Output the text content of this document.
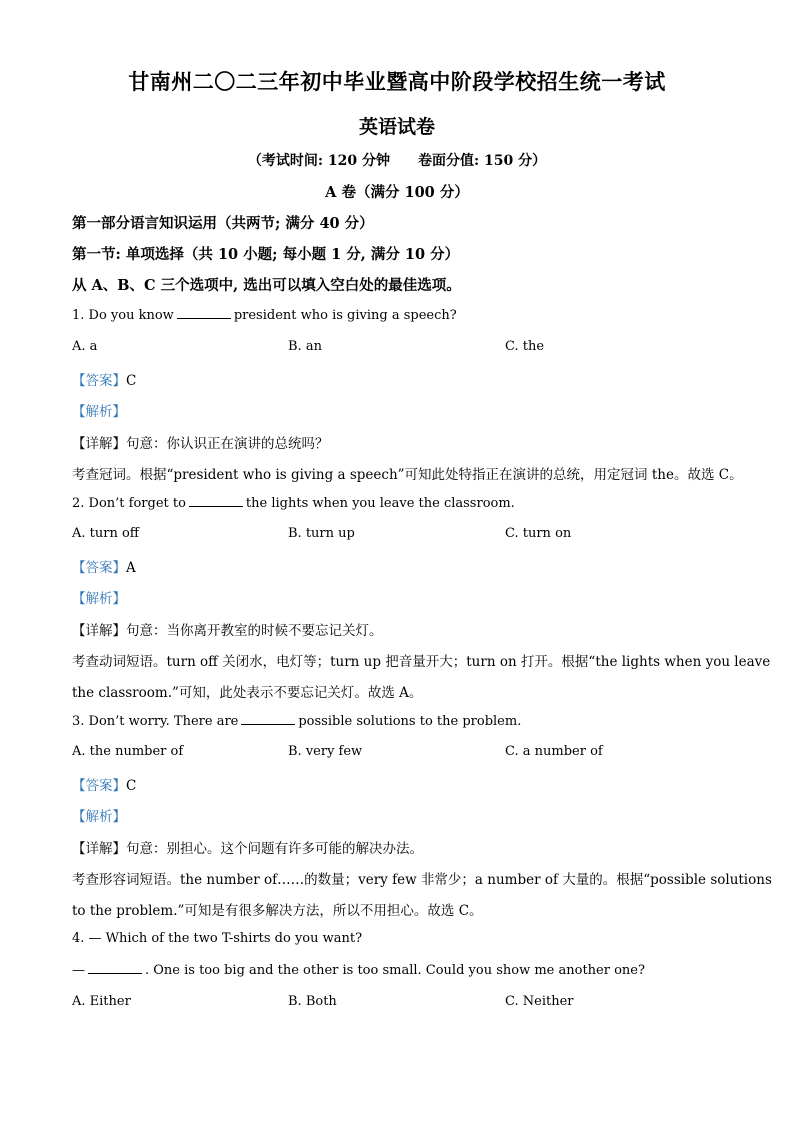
甘南州二〇二三年初中毕业暨高中阶段学校招生统一考试
英语试卷
（考试时间: 120 分钟　　卷面分值: 150 分）
A 卷（满分 100 分）
第一部分语言知识运用（共两节; 满分 40 分）
第一节: 单项选择（共 10 小题; 每小题 1 分, 满分 10 分）
从 A、B、C 三个选项中, 选出可以填入空白处的最佳选项。
1. Do you know	president who is giving a speech?
A. a	B. an	C. the
【答案】C
【解析】
【详解】句意：你认识正在演讲的总统吗？
考查冠词。根据“president who is giving a speech”可知此处特指正在演讲的总统，用定冠词 the。故选 C。
2. Don’t forget to	the lights when you leave the classroom.
A. turn off	B. turn up	C. turn on
【答案】A
【解析】
【详解】句意：当你离开教室的时候不要忘记关灯。
考查动词短语。turn off 关闭水，电灯等；turn up 把音量开大；turn on 打开。根据“the lights when you leave
the classroom.”可知，此处表示不要忘记关灯。故选 A。
3. Don’t worry. There are	possible solutions to the problem.
A. the number of	B. very few	C. a number of
【答案】C
【解析】
【详解】句意：别担心。这个问题有许多可能的解决办法。
考查形容词短语。the number of……的数量；very few 非常少；a number of 大量的。根据“possible solutions
to the problem.”可知是有很多解决方法，所以不用担心。故选 C。
4. — Which of the two T-shirts do you want?
—	. One is too big and the other is too small. Could you show me another one?
A. Either	B. Both	C. Neither
